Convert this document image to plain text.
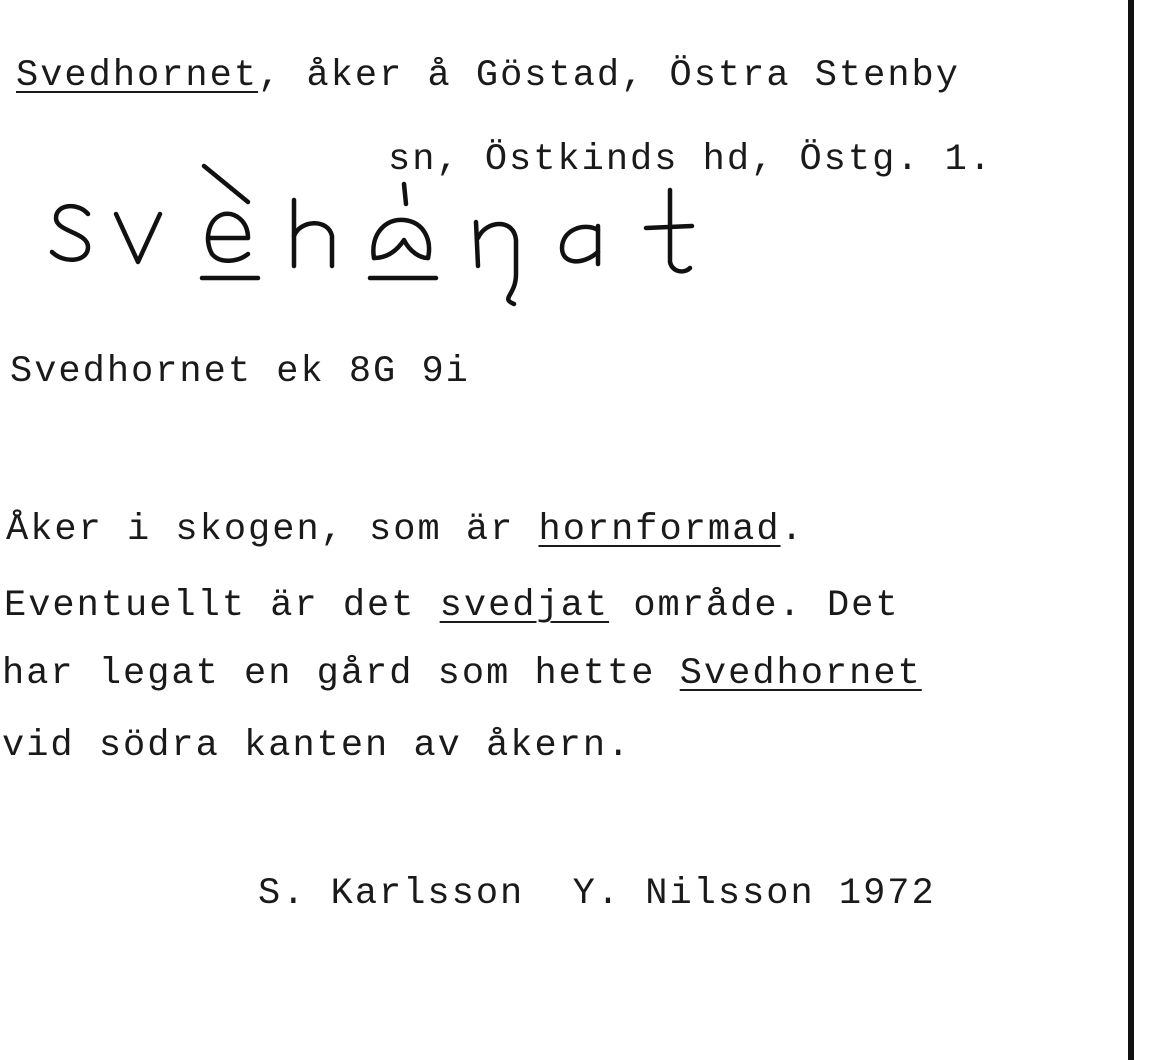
Svedhornet, åker å Göstad, Östra Stenby
sn, Östkinds hd, Östg. 1.
Svedhornet ek 8G 9i
Åker i skogen, som är hornformad.
Eventuellt är det svedjat område. Det
har legat en gård som hette Svedhornet
vid södra kanten av åkern.
S. Karlsson  Y. Nilsson 1972
